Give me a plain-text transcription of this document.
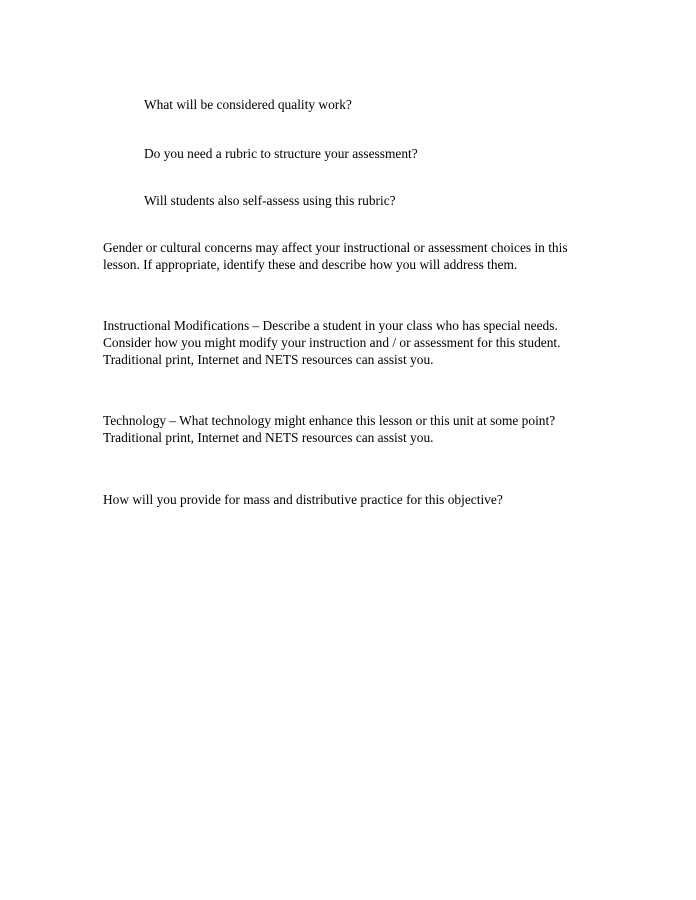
What will be considered quality work?
Do you need a rubric to structure your assessment?
Will students also self-assess using this rubric?
Gender or cultural concerns may affect your instructional or assessment choices in this
lesson. If appropriate, identify these and describe how you will address them.
Instructional Modifications – Describe a student in your class who has special needs.
Consider how you might modify your instruction and / or assessment for this student.
Traditional print, Internet and NETS resources can assist you.
Technology – What technology might enhance this lesson or this unit at some point?
Traditional print, Internet and NETS resources can assist you.
How will you provide for mass and distributive practice for this objective?
